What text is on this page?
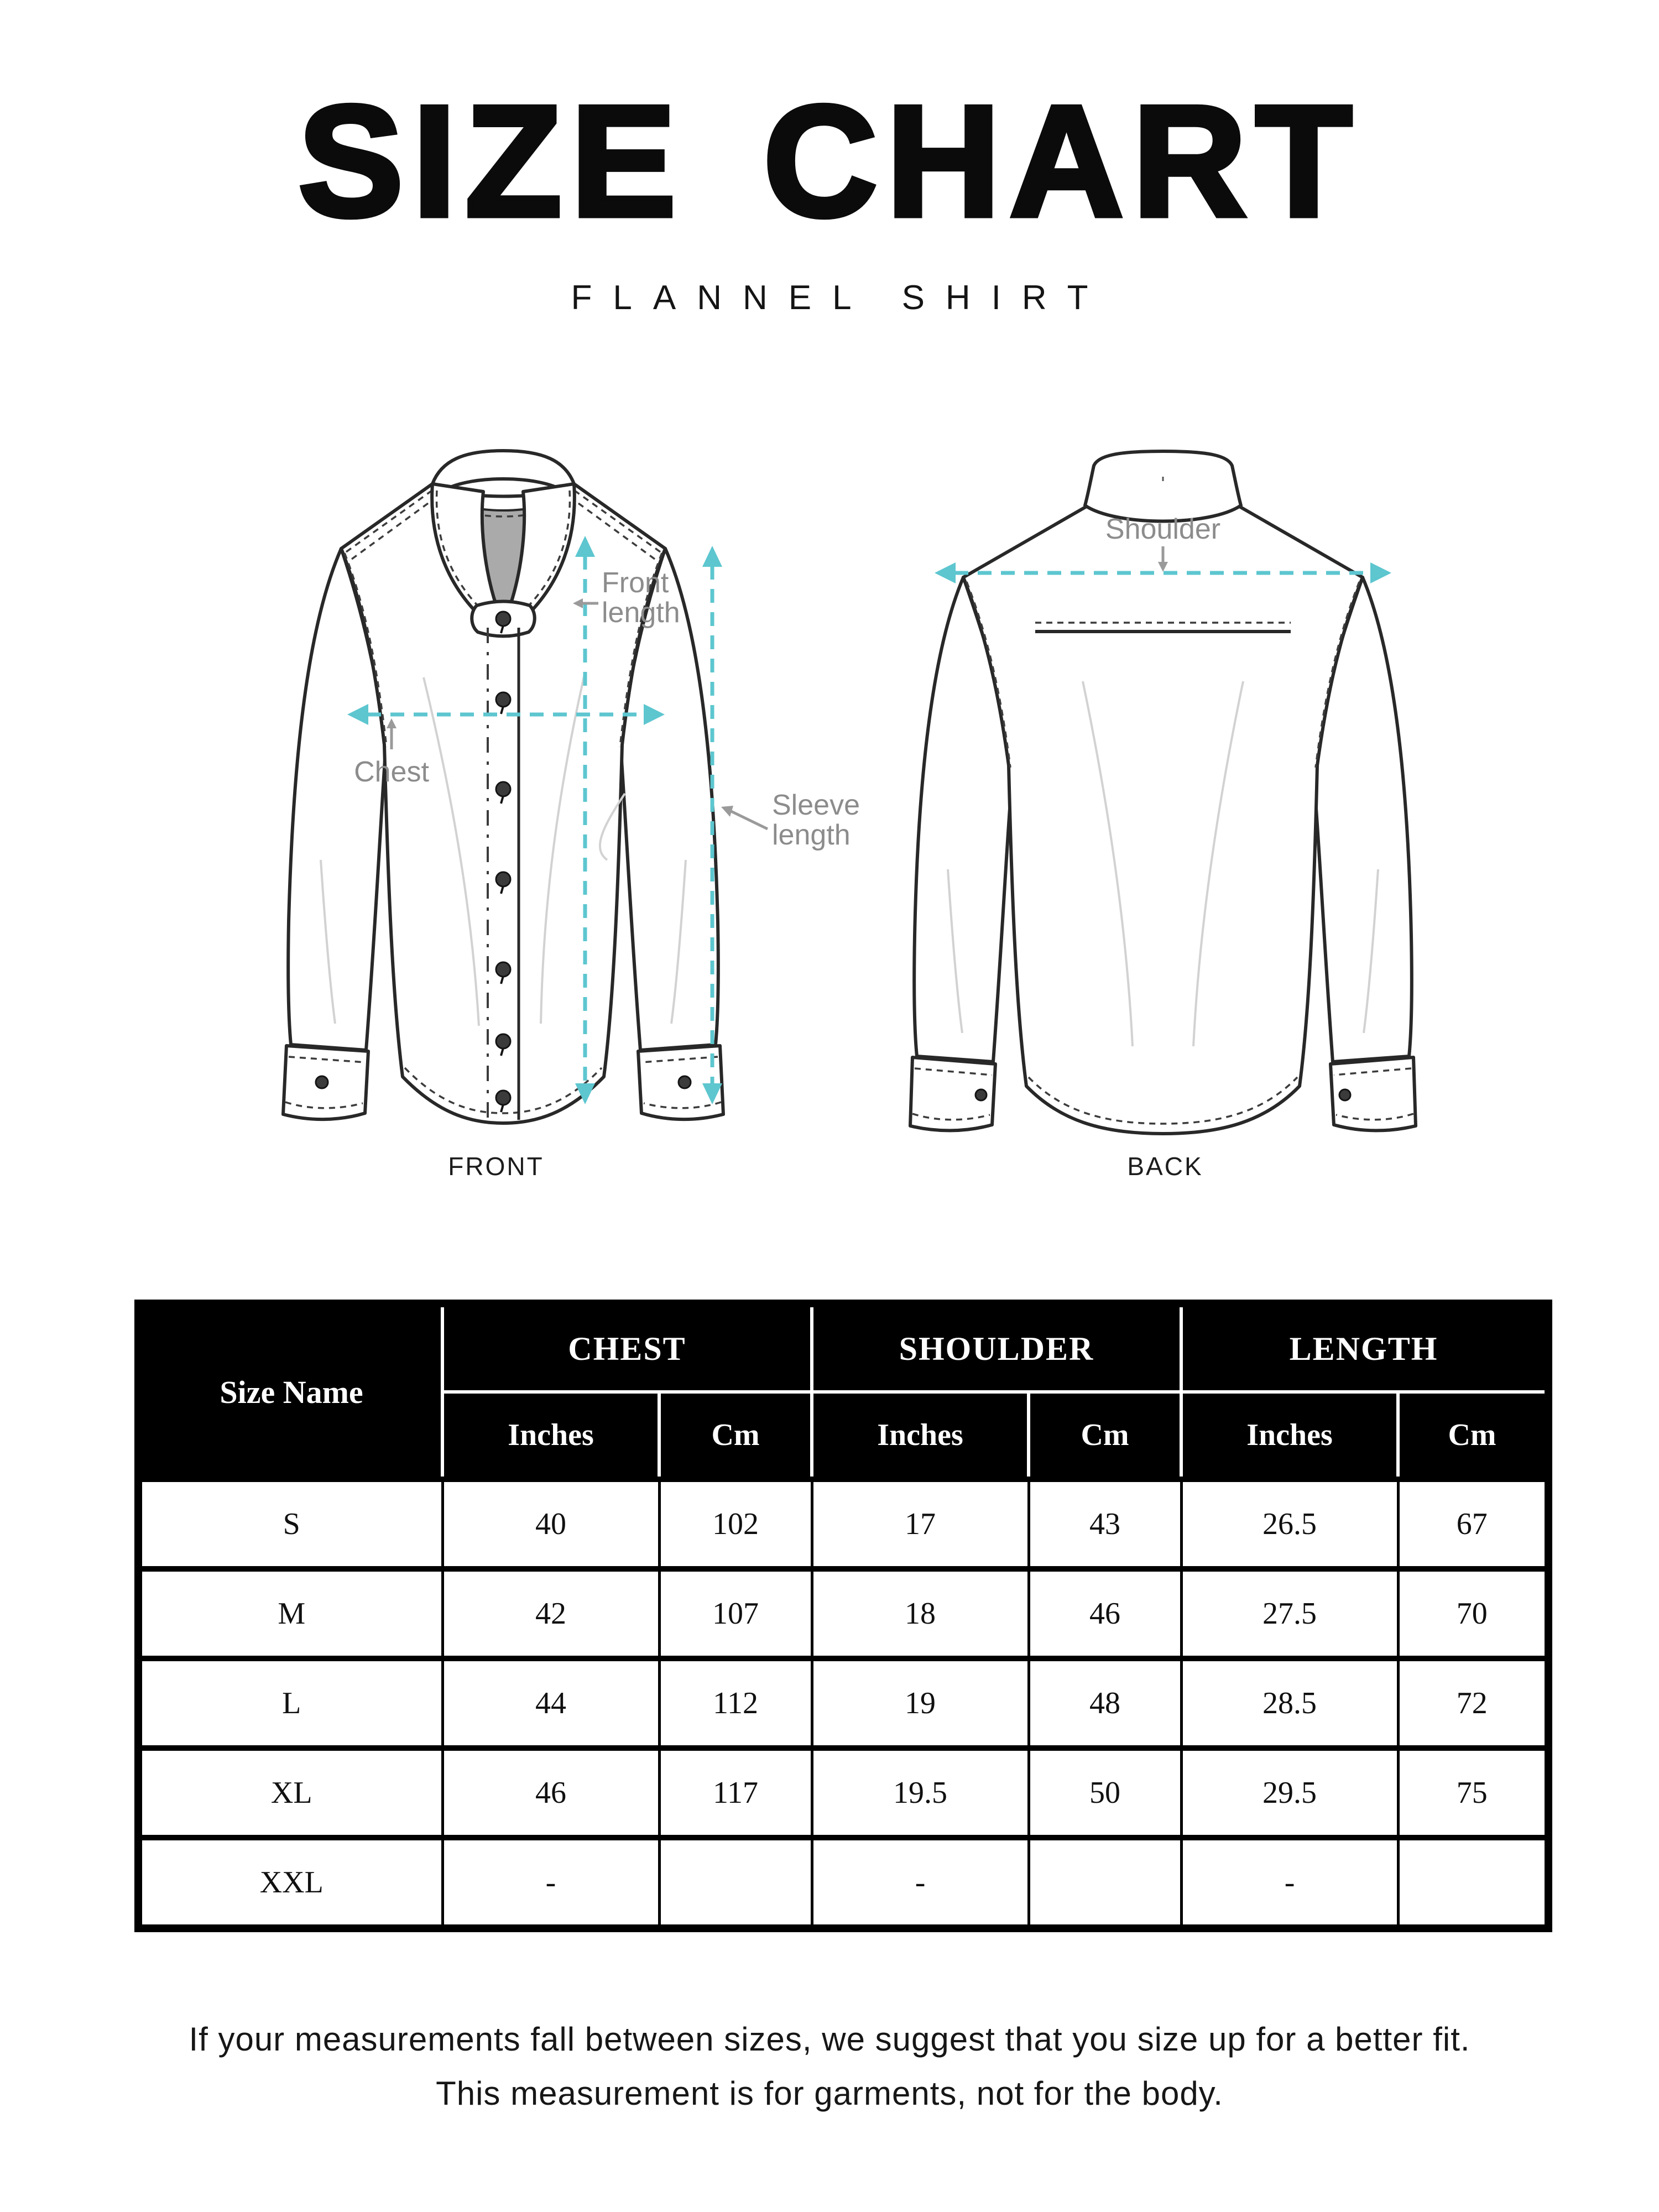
SIZE CHART
FLANNEL SHIRT
Front
length
Chest
Sleeve
length
Shoulder
FRONT	BACK
Size Name	CHEST		SHOULDER		LENGTH	
	Inches	Cm	Inches	Cm	Inches	Cm
S	40	102	17	43	26.5	67
M	42	107	18	46	27.5	70
L	44	112	19	48	28.5	72
XL	46	117	19.5	50	29.5	75
XXL	-		-		-	
If your measurements fall between sizes, we suggest that you size up for a better fit.
This measurement is for garments, not for the body.
